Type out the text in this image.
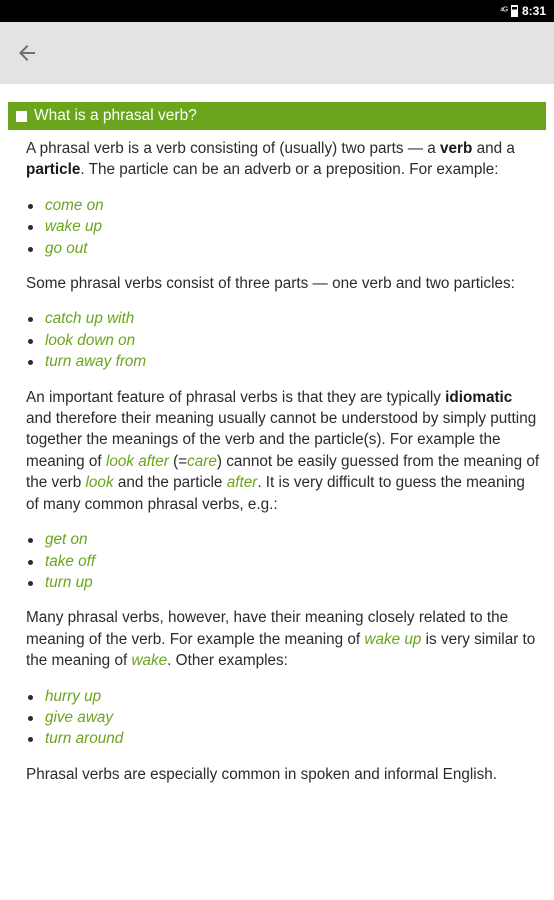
⁴ᴳ 8:31
What is a phrasal verb?

A phrasal verb is a verb consisting of (usually) two parts — a verb and a particle. The particle can be an adverb or a preposition. For example:

come on
wake up
go out

Some phrasal verbs consist of three parts — one verb and two particles:

catch up with
look down on
turn away from

An important feature of phrasal verbs is that they are typically idiomatic and therefore their meaning usually cannot be understood by simply putting together the meanings of the verb and the particle(s). For example the meaning of look after (=care) cannot be easily guessed from the meaning of the verb look and the particle after. It is very difficult to guess the meaning of many common phrasal verbs, e.g.:

get on
take off
turn up

Many phrasal verbs, however, have their meaning closely related to the meaning of the verb. For example the meaning of wake up is very similar to the meaning of wake. Other examples:

hurry up
give away
turn around

Phrasal verbs are especially common in spoken and informal English.
